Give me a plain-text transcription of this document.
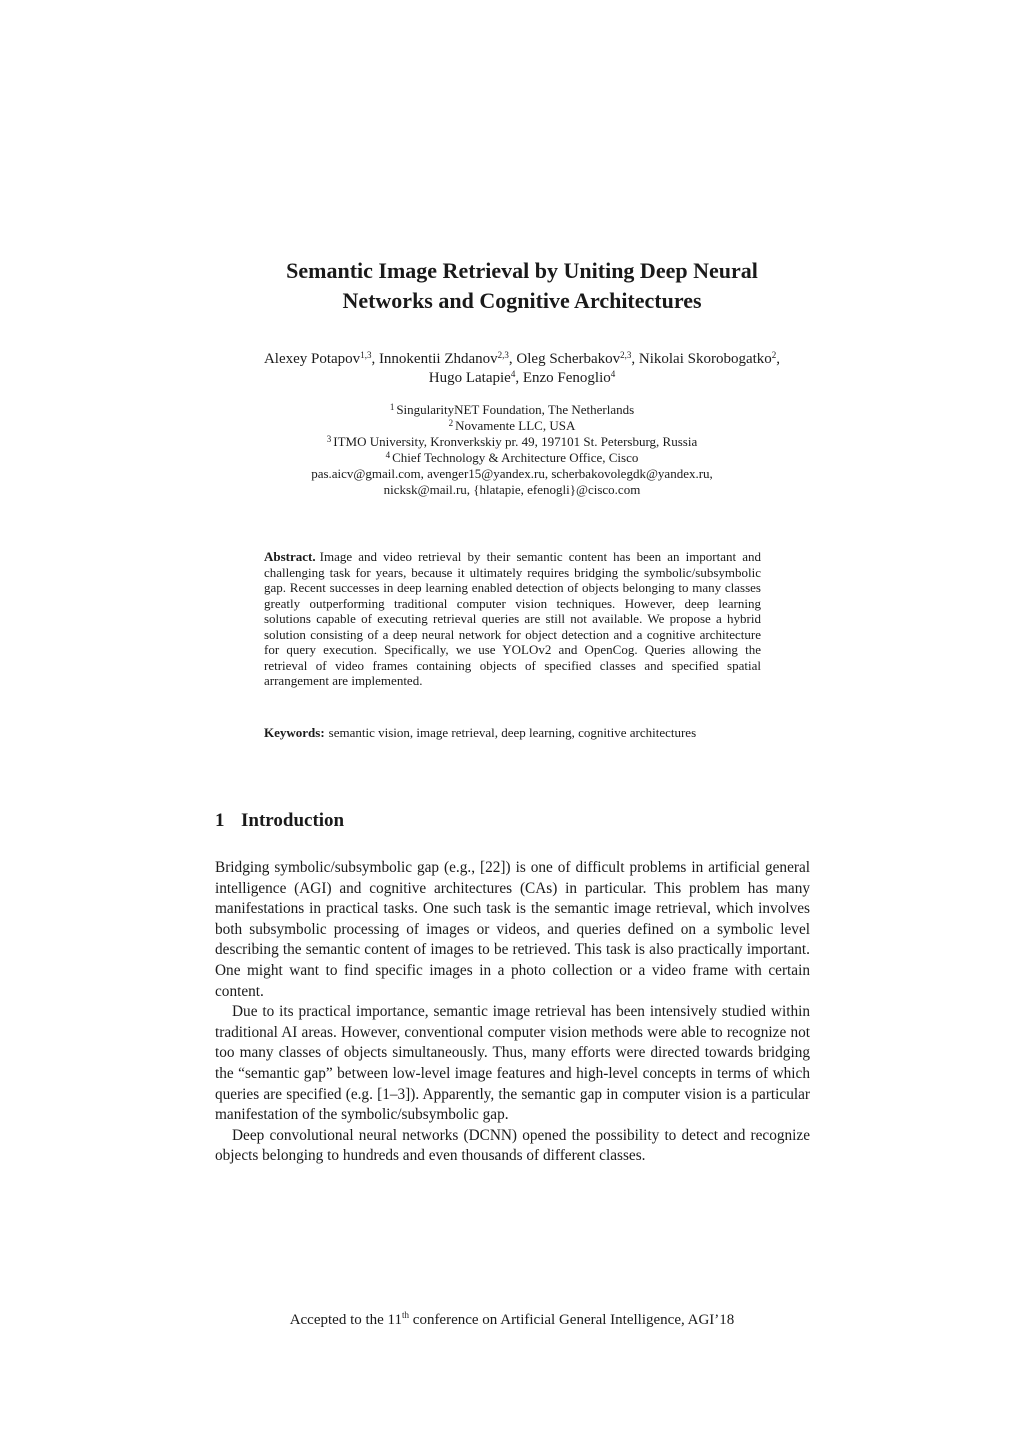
Semantic Image Retrieval by Uniting Deep Neural
Networks and Cognitive Architectures
Alexey Potapov$^{1,3}$, Innokentii Zhdanov$^{2,3}$, Oleg Scherbakov$^{2,3}$, Nikolai Skorobogatko$^2$, Hugo Latapie$^4$, Enzo Fenoglio$^4$
$^1$ SingularityNET Foundation, The Netherlands
$^2$ Novamente LLC, USA
$^3$ ITMO University, Kronverkskiy pr. 49, 197101 St. Petersburg, Russia
$^4$ Chief Technology & Architecture Office, Cisco
pas.aicv@gmail.com, avenger15@yandex.ru, scherbakovolegdk@yandex.ru,
nicksk@mail.ru, {hlatapie, efenogli}@cisco.com
Abstract. Image and video retrieval by their semantic content has been an important and challenging task for years, because it ultimately requires bridging the symbolic/subsymbolic gap. Recent successes in deep learning enabled detection of objects belonging to many classes greatly outperforming traditional computer vision techniques. However, deep learning solutions capable of executing retrieval queries are still not available. We propose a hybrid solution consisting of a deep neural network for object detection and a cognitive architecture for query execution. Specifically, we use YOLOv2 and OpenCog. Queries allowing the retrieval of video frames containing objects of specified classes and specified spatial arrangement are implemented.
Keywords: semantic vision, image retrieval, deep learning, cognitive architectures
1 Introduction

Bridging symbolic/subsymbolic gap (e.g., [22]) is one of difficult problems in artificial general intelligence (AGI) and cognitive architectures (CAs) in particular. This problem has many manifestations in practical tasks. One such task is the semantic image retrieval, which involves both subsymbolic processing of images or videos, and queries defined on a symbolic level describing the semantic content of images to be retrieved. This task is also practically important. One might want to find specific images in a photo collection or a video frame with certain content.

Due to its practical importance, semantic image retrieval has been intensively studied within traditional AI areas. However, conventional computer vision methods were able to recognize not too many classes of objects simultaneously. Thus, many efforts were directed towards bridging the “semantic gap” between low-level image features and high-level concepts in terms of which queries are specified (e.g. [1–3]). Apparently, the semantic gap in computer vision is a particular manifestation of the symbolic/subsymbolic gap.

Deep convolutional neural networks (DCNN) opened the possibility to detect and recognize objects belonging to hundreds and even thousands of different classes.

Accepted to the 11th conference on Artificial General Intelligence, AGI’18
